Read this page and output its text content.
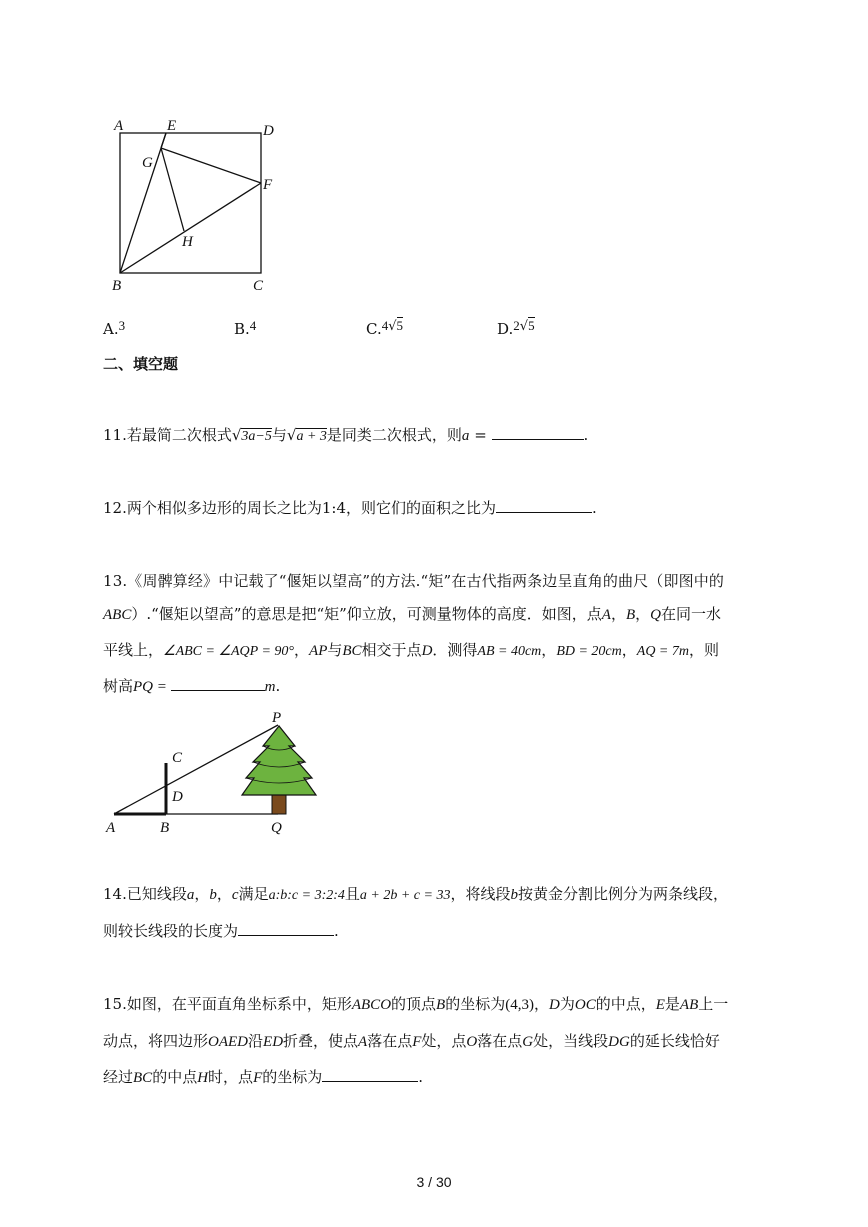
A	E	D
G
F
H
B	C
A.3	B.4	C.4√5	D.2√5
二、填空题
11.若最简二次根式√3a−5与√a + 3是同类二次根式，则a =	.
12.两个相似多边形的周长之比为1:4，则它们的面积之比为	.
13.《周髀算经》中记载了“偃矩以望高”的方法.“矩”在古代指两条边呈直角的曲尺（即图中的
ABC）.“偃矩以望高”的意思是把“矩”仰立放，可测量物体的高度．如图，点A，B，Q在同一水
平线上，∠ABC = ∠AQP = 90°，AP与BC相交于点D．测得AB = 40cm，BD = 20cm，AQ = 7m，则
树高PQ =	m.
P
C
D
A	B	Q
14.已知线段a，b，c满足a:b:c = 3:2:4且a + 2b + c = 33，将线段b按黄金分割比例分为两条线段，
则较长线段的长度为	.
15.如图，在平面直角坐标系中，矩形ABCO的顶点B的坐标为(4,3)，D为OC的中点，E是AB上一
动点，将四边形OAED沿ED折叠，使点A落在点F处，点O落在点G处，当线段DG的延长线恰好
经过BC的中点H时，点F的坐标为	.
3 / 30
